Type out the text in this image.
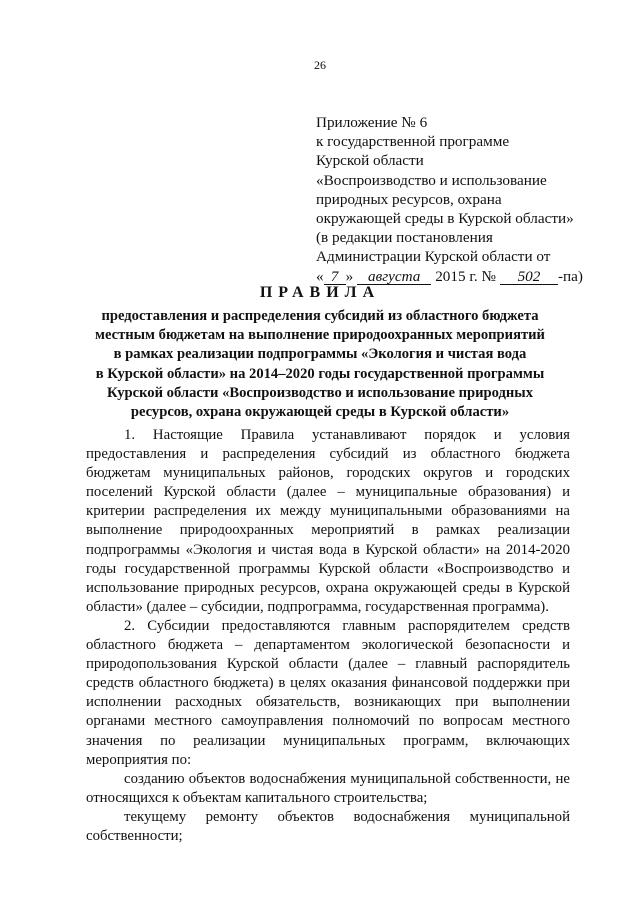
26
Приложение № 6
к государственной программе
Курской области
«Воспроизводство и использование
природных ресурсов, охрана
окружающей среды в Курской области»
(в редакции постановления
Администрации Курской области от
« 7 » августа 2015 г. № 502 -па)
ПРАВИЛА
предоставления и распределения субсидий из областного бюджета
местным бюджетам на выполнение природоохранных мероприятий
в рамках реализации подпрограммы «Экология и чистая вода
в Курской области» на 2014–2020 годы государственной программы
Курской области «Воспроизводство и использование природных
ресурсов, охрана окружающей среды в Курской области»
1. Настоящие Правила устанавливают порядок и условия
предоставления и распределения субсидий из областного бюджета
бюджетам муниципальных районов, городских округов и городских
поселений Курской области (далее – муниципальные образования) и
критерии распределения их между муниципальными образованиями на
выполнение природоохранных мероприятий в рамках реализации
подпрограммы «Экология и чистая вода в Курской области» на 2014-2020
годы государственной программы Курской области «Воспроизводство и
использование природных ресурсов, охрана окружающей среды в Курской
области» (далее – субсидии, подпрограмма, государственная программа).
2. Субсидии предоставляются главным распорядителем средств
областного бюджета – департаментом экологической безопасности и
природопользования Курской области (далее – главный распорядитель
средств областного бюджета) в целях оказания финансовой поддержки при
исполнении расходных обязательств, возникающих при выполнении
органами местного самоуправления полномочий по вопросам местного
значения по реализации муниципальных программ, включающих
мероприятия по:
созданию объектов водоснабжения муниципальной собственности, не
относящихся к объектам капитального строительства;
текущему ремонту объектов водоснабжения муниципальной
собственности;
